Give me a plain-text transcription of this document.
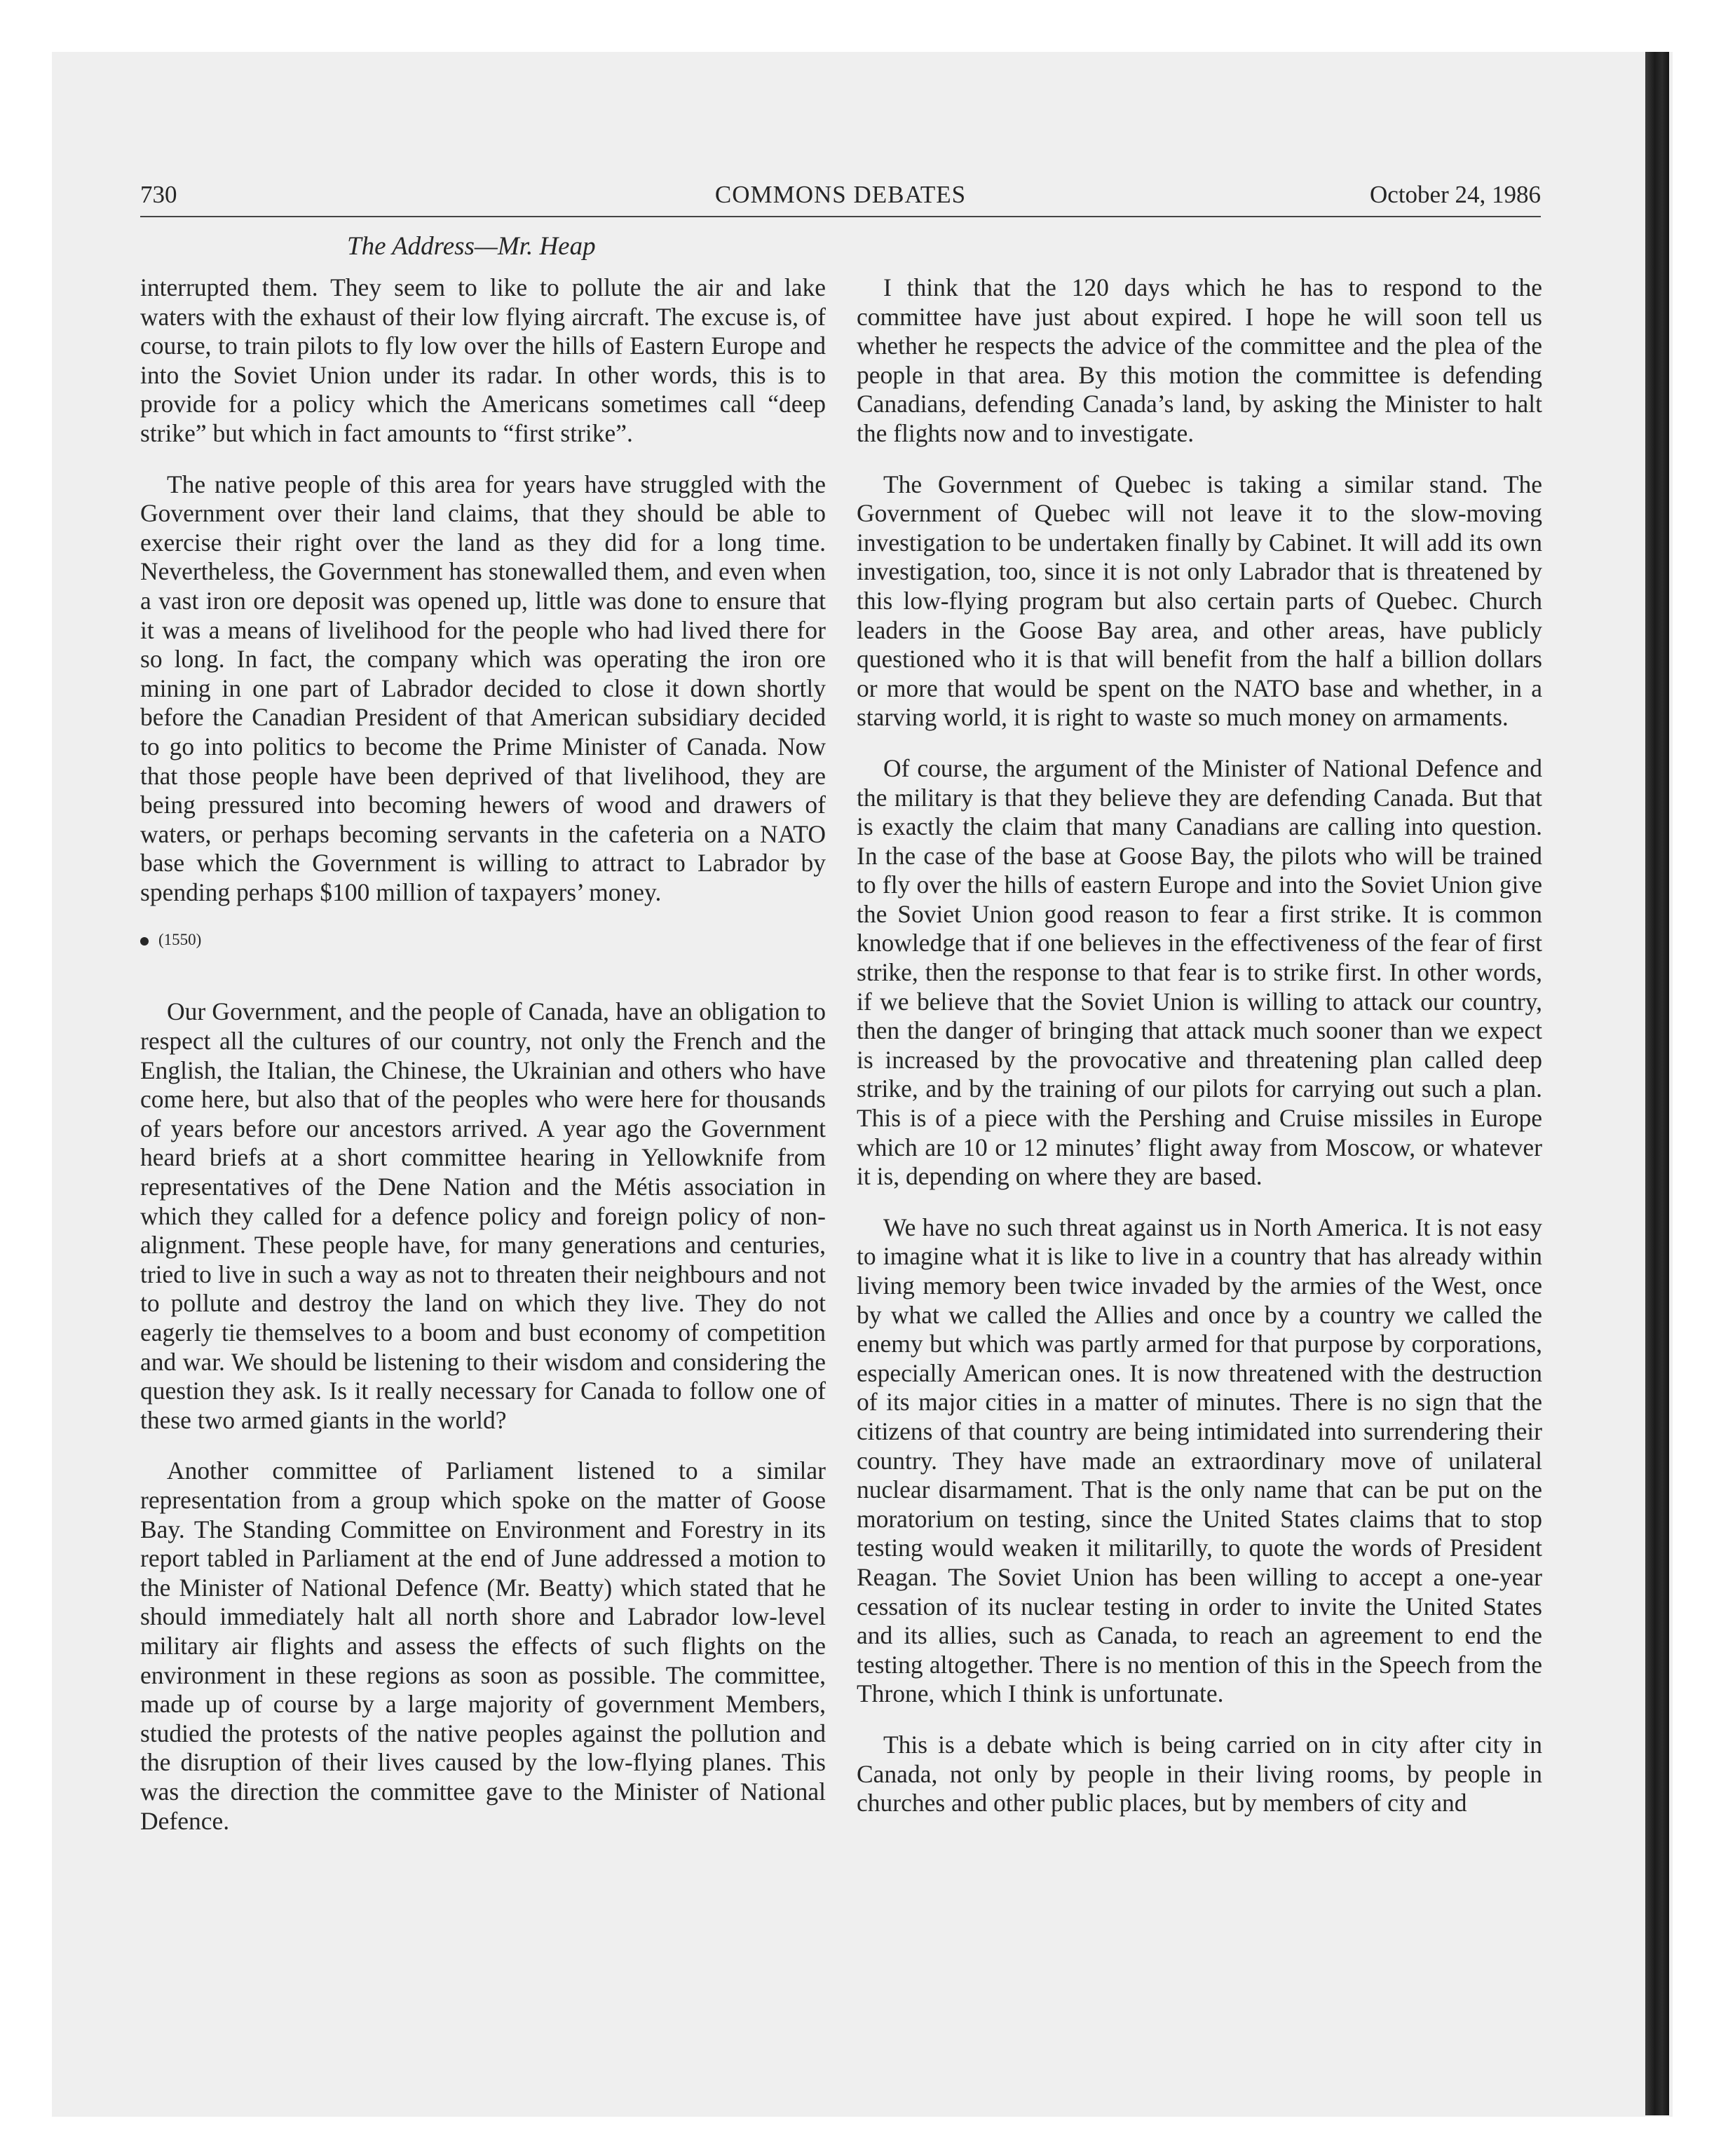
730	COMMONS DEBATES	October 24, 1986
The Address—Mr. Heap

interrupted them. They seem to like to pollute the air and lake waters with the exhaust of their low flying aircraft. The excuse is, of course, to train pilots to fly low over the hills of Eastern Europe and into the Soviet Union under its radar. In other words, this is to provide for a policy which the Americans sometimes call “deep strike” but which in fact amounts to “first strike”.

The native people of this area for years have struggled with the Government over their land claims, that they should be able to exercise their right over the land as they did for a long time. Nevertheless, the Government has stonewalled them, and even when a vast iron ore deposit was opened up, little was done to ensure that it was a means of livelihood for the people who had lived there for so long. In fact, the company which was operating the iron ore mining in one part of Labrador decided to close it down shortly before the Canadian President of that American subsidiary decided to go into politics to become the Prime Minister of Canada. Now that those people have been deprived of that livelihood, they are being pressured into becoming hewers of wood and drawers of waters, or perhaps becoming servants in the cafeteria on a NATO base which the Government is willing to attract to Labrador by spending perhaps $100 million of taxpayers’ money.

(1550)

Our Government, and the people of Canada, have an obligation to respect all the cultures of our country, not only the French and the English, the Italian, the Chinese, the Ukrainian and others who have come here, but also that of the peoples who were here for thousands of years before our ancestors arrived. A year ago the Government heard briefs at a short committee hearing in Yellowknife from representatives of the Dene Nation and the Métis association in which they called for a defence policy and foreign policy of non-alignment. These people have, for many generations and centuries, tried to live in such a way as not to threaten their neighbours and not to pollute and destroy the land on which they live. They do not eagerly tie themselves to a boom and bust economy of competition and war. We should be listening to their wisdom and considering the question they ask. Is it really necessary for Canada to follow one of these two armed giants in the world?

Another committee of Parliament listened to a similar representation from a group which spoke on the matter of Goose Bay. The Standing Committee on Environment and Forestry in its report tabled in Parliament at the end of June addressed a motion to the Minister of National Defence (Mr. Beatty) which stated that he should immediately halt all north shore and Labrador low-level military air flights and assess the effects of such flights on the environment in these regions as soon as possible. The committee, made up of course by a large majority of government Members, studied the protests of the native peoples against the pollution and the disruption of their lives caused by the low-flying planes. This was the direction the committee gave to the Minister of National Defence.

I think that the 120 days which he has to respond to the committee have just about expired. I hope he will soon tell us whether he respects the advice of the committee and the plea of the people in that area. By this motion the committee is defending Canadians, defending Canada’s land, by asking the Minister to halt the flights now and to investigate.

The Government of Quebec is taking a similar stand. The Government of Quebec will not leave it to the slow-moving investigation to be undertaken finally by Cabinet. It will add its own investigation, too, since it is not only Labrador that is threatened by this low-flying program but also certain parts of Quebec. Church leaders in the Goose Bay area, and other areas, have publicly questioned who it is that will benefit from the half a billion dollars or more that would be spent on the NATO base and whether, in a starving world, it is right to waste so much money on armaments.

Of course, the argument of the Minister of National Defence and the military is that they believe they are defending Canada. But that is exactly the claim that many Canadians are calling into question. In the case of the base at Goose Bay, the pilots who will be trained to fly over the hills of eastern Europe and into the Soviet Union give the Soviet Union good reason to fear a first strike. It is common knowledge that if one believes in the effectiveness of the fear of first strike, then the response to that fear is to strike first. In other words, if we believe that the Soviet Union is willing to attack our country, then the danger of bringing that attack much sooner than we expect is increased by the provocative and threatening plan called deep strike, and by the training of our pilots for carrying out such a plan. This is of a piece with the Pershing and Cruise missiles in Europe which are 10 or 12 minutes’ flight away from Moscow, or whatever it is, depending on where they are based.

We have no such threat against us in North America. It is not easy to imagine what it is like to live in a country that has already within living memory been twice invaded by the armies of the West, once by what we called the Allies and once by a country we called the enemy but which was partly armed for that purpose by corporations, especially American ones. It is now threatened with the destruction of its major cities in a matter of minutes. There is no sign that the citizens of that country are being intimidated into surrendering their country. They have made an extraordinary move of unilateral nuclear disarmament. That is the only name that can be put on the moratorium on testing, since the United States claims that to stop testing would weaken it militarilly, to quote the words of President Reagan. The Soviet Union has been willing to accept a one-year cessation of its nuclear testing in order to invite the United States and its allies, such as Canada, to reach an agreement to end the testing altogether. There is no mention of this in the Speech from the Throne, which I think is unfortunate.

This is a debate which is being carried on in city after city in Canada, not only by people in their living rooms, by people in churches and other public places, but by members of city and
